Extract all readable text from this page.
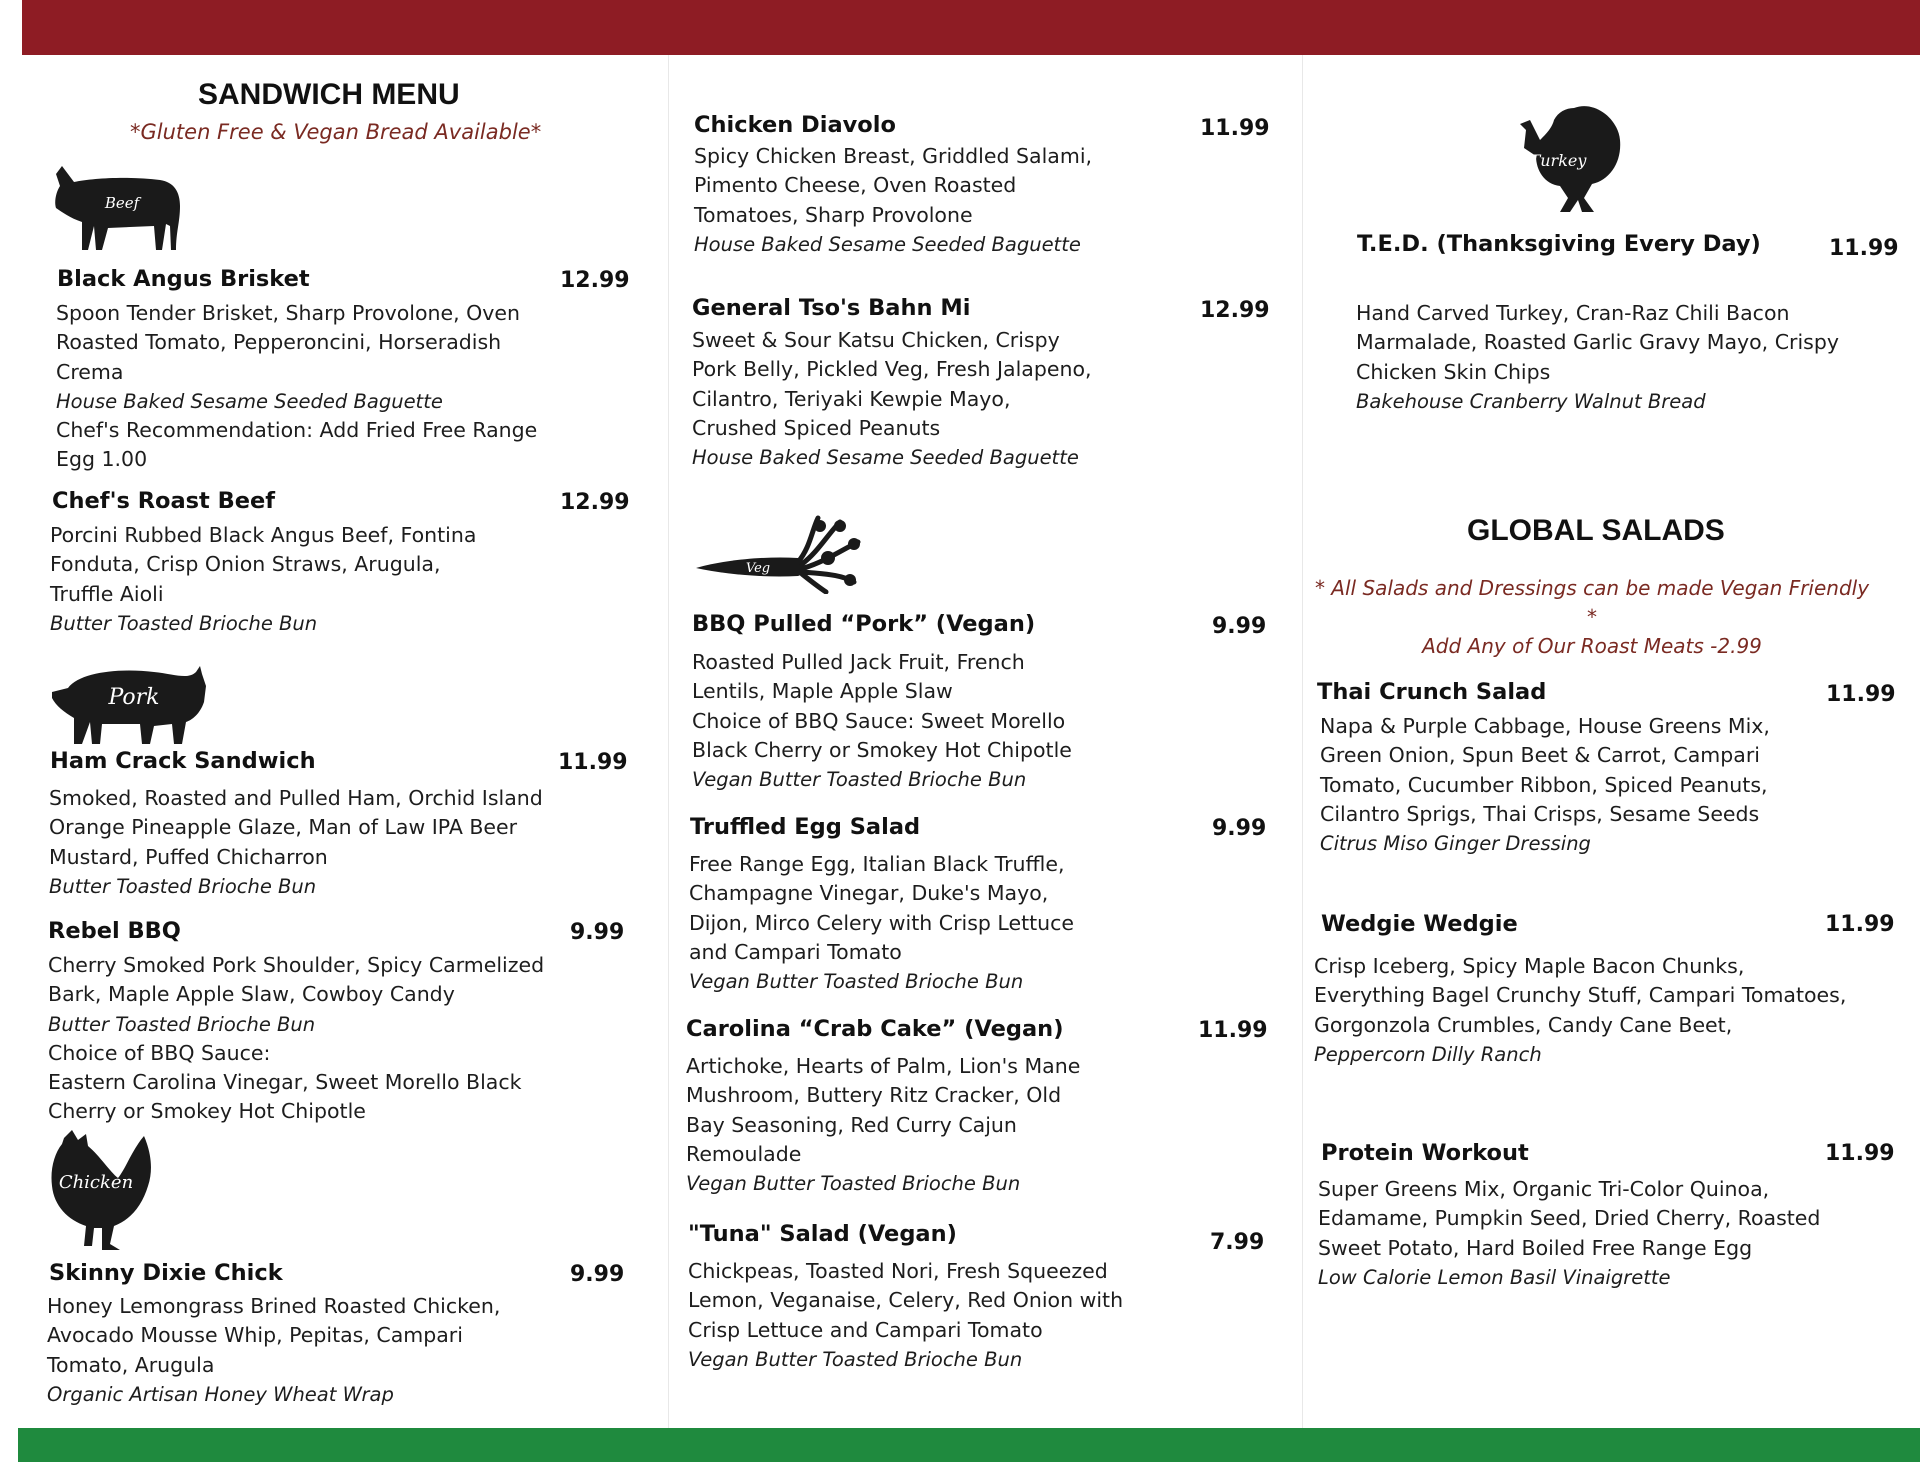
SANDWICH MENU
*Gluten Free & Vegan Bread Available*
Beef
Black Angus Brisket	12.99
Spoon Tender Brisket, Sharp Provolone, Oven
Roasted Tomato, Pepperoncini, Horseradish
Crema
House Baked Sesame Seeded Baguette
Chef's Recommendation: Add Fried Free Range
Egg 1.00
Chef's Roast Beef	12.99
Porcini Rubbed Black Angus Beef, Fontina
Fonduta, Crisp Onion Straws, Arugula,
Truffle Aioli
Butter Toasted Brioche Bun
Pork
Ham Crack Sandwich	11.99
Smoked, Roasted and Pulled Ham, Orchid Island
Orange Pineapple Glaze, Man of Law IPA Beer
Mustard, Puffed Chicharron
Butter Toasted Brioche Bun
Rebel BBQ	9.99
Cherry Smoked Pork Shoulder, Spicy Carmelized
Bark, Maple Apple Slaw, Cowboy Candy
Butter Toasted Brioche Bun
Choice of BBQ Sauce:
Eastern Carolina Vinegar, Sweet Morello Black
Cherry or Smokey Hot Chipotle
Chicken
Skinny Dixie Chick	9.99
Honey Lemongrass Brined Roasted Chicken,
Avocado Mousse Whip, Pepitas, Campari
Tomato, Arugula
Organic Artisan Honey Wheat Wrap
Chicken Diavolo	11.99
Spicy Chicken Breast, Griddled Salami,
Pimento Cheese, Oven Roasted
Tomatoes, Sharp Provolone
House Baked Sesame Seeded Baguette
General Tso's Bahn Mi	12.99
Sweet & Sour Katsu Chicken, Crispy
Pork Belly, Pickled Veg, Fresh Jalapeno,
Cilantro, Teriyaki Kewpie Mayo,
Crushed Spiced Peanuts
House Baked Sesame Seeded Baguette
Veg
BBQ Pulled “Pork” (Vegan)	9.99
Roasted Pulled Jack Fruit, French
Lentils, Maple Apple Slaw
Choice of BBQ Sauce: Sweet Morello
Black Cherry or Smokey Hot Chipotle
Vegan Butter Toasted Brioche Bun
Truffled Egg Salad	9.99
Free Range Egg, Italian Black Truffle,
Champagne Vinegar, Duke's Mayo,
Dijon, Mirco Celery with Crisp Lettuce
and Campari Tomato
Vegan Butter Toasted Brioche Bun
Carolina “Crab Cake” (Vegan)	11.99
Artichoke, Hearts of Palm, Lion's Mane
Mushroom, Buttery Ritz Cracker, Old
Bay Seasoning, Red Curry Cajun
Remoulade
Vegan Butter Toasted Brioche Bun
"Tuna" Salad (Vegan)	7.99
Chickpeas, Toasted Nori, Fresh Squeezed
Lemon, Veganaise, Celery, Red Onion with
Crisp Lettuce and Campari Tomato
Vegan Butter Toasted Brioche Bun
Turkey
T.E.D. (Thanksgiving Every Day)	11.99
Hand Carved Turkey, Cran-Raz Chili Bacon
Marmalade, Roasted Garlic Gravy Mayo, Crispy
Chicken Skin Chips
Bakehouse Cranberry Walnut Bread
GLOBAL SALADS
* All Salads and Dressings can be made Vegan Friendly *
Add Any of Our Roast Meats -2.99
Thai Crunch Salad	11.99
Napa & Purple Cabbage, House Greens Mix,
Green Onion, Spun Beet & Carrot, Campari
Tomato, Cucumber Ribbon, Spiced Peanuts,
Cilantro Sprigs, Thai Crisps, Sesame Seeds
Citrus Miso Ginger Dressing
Wedgie Wedgie	11.99
Crisp Iceberg, Spicy Maple Bacon Chunks,
Everything Bagel Crunchy Stuff, Campari Tomatoes,
Gorgonzola Crumbles, Candy Cane Beet,
Peppercorn Dilly Ranch
Protein Workout	11.99
Super Greens Mix, Organic Tri-Color Quinoa,
Edamame, Pumpkin Seed, Dried Cherry, Roasted
Sweet Potato, Hard Boiled Free Range Egg
Low Calorie Lemon Basil Vinaigrette
